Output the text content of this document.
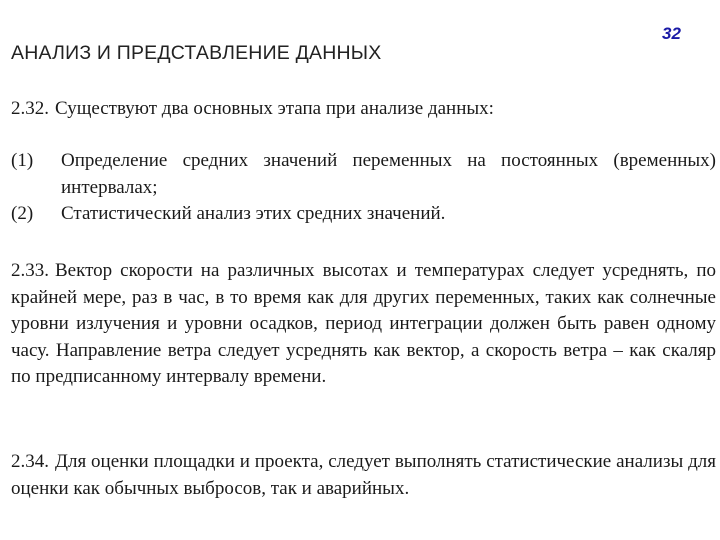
32
АНАЛИЗ И ПРЕДСТАВЛЕНИЕ ДАННЫХ
2.32. Существуют два основных этапа при анализе данных:
(1)	Определение средних значений переменных на постоянных (временных) интервалах;
(2)	Статистический анализ этих средних значений.
2.33. Вектор скорости на различных высотах и температурах следует усреднять, по крайней мере, раз в час, в то время как для других переменных, таких как солнечные уровни излучения и уровни осадков, период интеграции должен быть равен одному часу. Направление ветра следует усреднять как вектор, а скорость ветра – как скаляр по предписанному интервалу времени.
2.34. Для оценки площадки и проекта, следует выполнять статистические анализы для оценки как обычных выбросов, так и аварийных.
